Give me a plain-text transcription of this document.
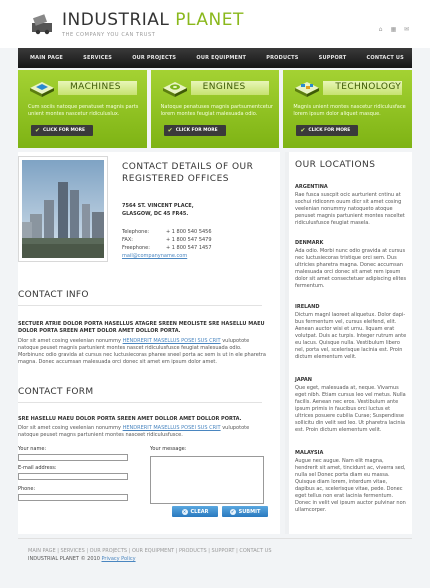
INDUSTRIAL PLANET
THE COMPANY YOU CAN TRUST
⌂ ▦ ✉
MAIN PAGE	SERVICES	OUR PROJECTS	OUR EQUIPMENT	PRODUCTS	SUPPORT	CONTACT US
MACHINES
Cum sociis natoque penatuset magnis parts unient montes nascetur ridiculuslux.
✔ CLICK FOR MORE
ENGINES
Natoque penatuses magnis partsumentcetur lorem montes feugiat malesuada odio.
✔ CLICK FOR MORE
TECHNOLOGY
Magnis unient montes nascetur ridiculusface lorem ipsum dolor aliquet masque.
✔ CLICK FOR MORE
CONTACT DETAILS OF OUR
REGISTERED OFFICES
7564 ST. VINCENT PLACE,
GLASGOW, DC 45 FR45.
Telephone:	+ 1 800 540 5456
FAX:	+ 1 800 547 5479
Freephone:	+ 1 800 547 1457
mail@companyname.com
CONTACT INFO
SECTUER ATRIE DOLOR PORTA HASELLUS ATAGRE SREEN MEOLISTE SRE HASELLU MAEU DOLOR PORTA SREEN AMET DOLOR AMET DOLLOR PORTA.
Dlor sit amet cosing veelenian nonummy HENDRERIT MASELLUS POSEI SUS CRIT vulupotote natoque peuset magnis partunient montes nascet ridiculusfusce feugiat malesuada odio. Morbinunc odio gravida at cursus nec luctusiecoras pharee sneel porta ac sem is ut in ele pharetra magna. Donec accumsan malesuada orci donec sit amet em ipsum dolor amet.
CONTACT FORM
SRE HASELLU MAEU DOLOR PORTA SREEN AMET DOLLOR AMET DOLLOR PORTA.
Dlor sit amet cosing veelenian nonummy HENDRERIT MASELLUS POSEI SUS CRIT vulupotote natoque peuset magns partunient montes nasceet ridiculusfusce.
Your name:
E-mail address:
Phone:
Your message:
✕ CLEAR	✔ SUBMIT
OUR LOCATIONS
ARGENTINA
Rae fusca suscpit ocic aurturient cntinu at sochui ridiconm ouum dicr sit amet cosing veelenian nonummy natoqueto atoque penuset magnis partunient montes nsceltet ridiculusfusce feugiat masela.
DENMARK
Ada odio. Morbi nunc odio gravida at cursus nec luctusiecoras tristique orci sem. Dus ultricies pharetra magna. Donec accumsan malesuada orci donec sit amet rem ipsum dolor sit amet consectetuer adipiscing elites fermentum.
IRELAND
Dictum magnl laoreet aliquetux. Dolor dapi-bus fermentum vel, cursus eleifend, elit. Aenean auctor wisi et urnu. liquam erat volutpat. Duis ac turpis. Integer rutrum ante eu lacus. Quisque nulla. Vestibulum libero nel, porta vel, scelerisque lacinia est. Proin dictum elementum velit.
JAPAN
Que eget, malesuada at, neque. Vivamus eget nibh. Etiam cursus leo vel metus. Nulla facilis. Aenean nec eros. Vestibulum ante ipsum primis in faucibus orci luctus et ultrices posuere cubilia Curae; Suspendisse sollicitu din velit sed leo. Ut pharetra lacinia est. Proin dictum elementum velit.
MALAYSIA
Augue nec augue. Nam elit magna, hendrerit sit amet, tincidunt ac, viverra sed, nulla sel Donec porta diam eu massa. Quisque diam lorem, interdum vitae, dapibus ac, scelerisque vitae, pede. Donec eget tellus non erat lacinia fermentum. Donec in velit vel ipsum auctor pulvinar non ullamcorper.
MAIN PAGE | SERVICES | OUR PROJECTS | OUR EQUIPMENT | PRODUCTS | SUPPORT | CONTACT US
INDUSTRIAL PLANET © 2010 Privacy Policy
